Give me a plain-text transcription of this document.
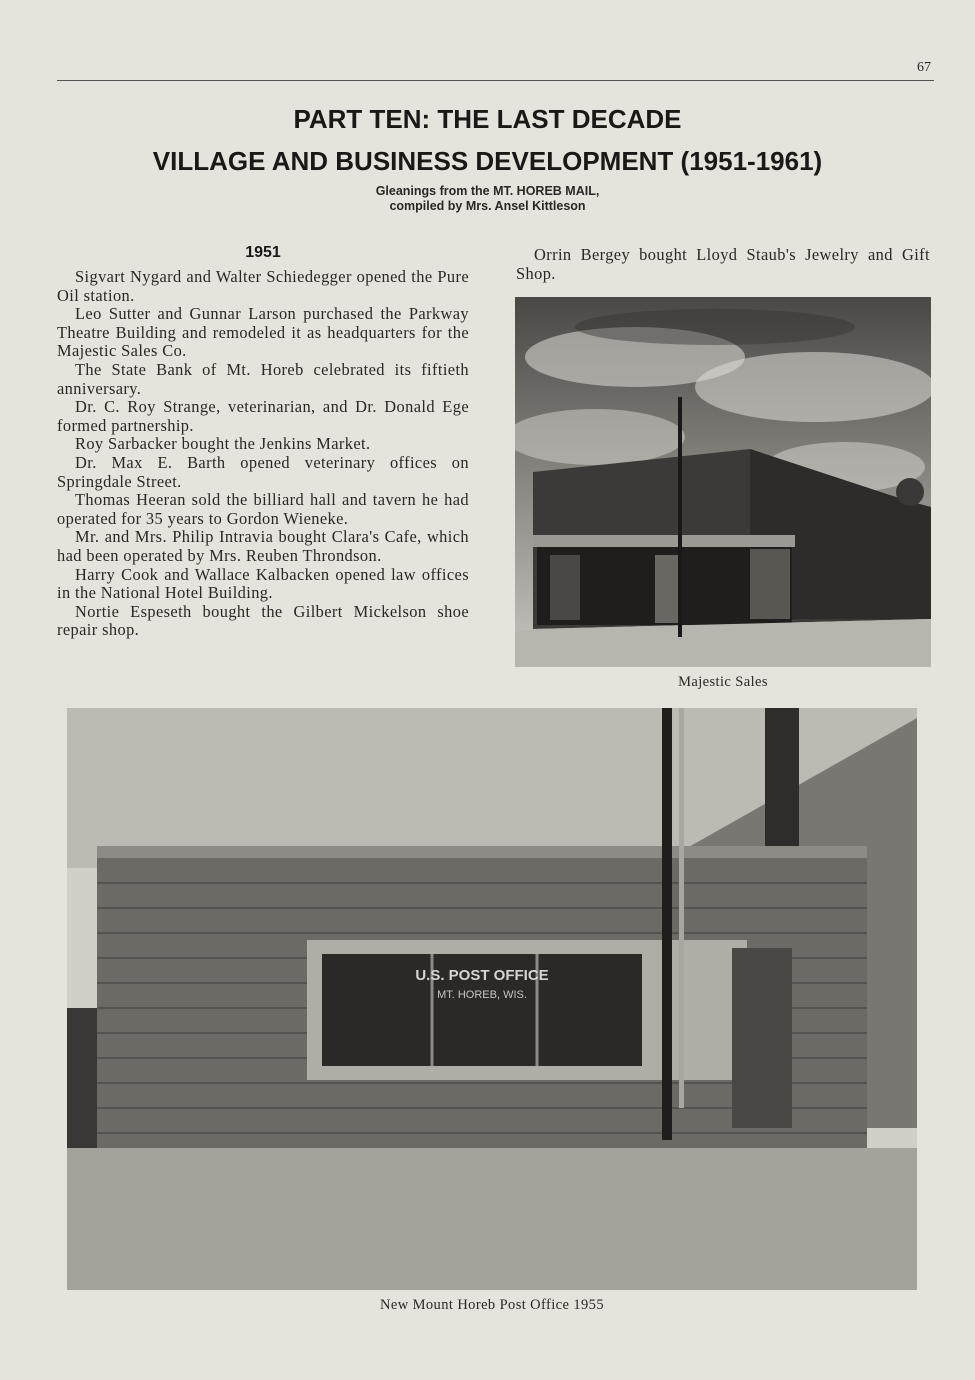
67
PART TEN: THE LAST DECADE
VILLAGE AND BUSINESS DEVELOPMENT (1951-1961)
Gleanings from the MT. HOREB MAIL,
compiled by Mrs. Ansel Kittleson
1951

Sigvart Nygard and Walter Schiedegger opened the Pure Oil station.

Leo Sutter and Gunnar Larson purchased the Parkway Theatre Building and remodeled it as headquarters for the Majestic Sales Co.

The State Bank of Mt. Horeb celebrated its fiftieth anniversary.

Dr. C. Roy Strange, veterinarian, and Dr. Donald Ege formed partnership.

Roy Sarbacker bought the Jenkins Market.

Dr. Max E. Barth opened veterinary offices on Springdale Street.

Thomas Heeran sold the billiard hall and tavern he had operated for 35 years to Gordon Wieneke.

Mr. and Mrs. Philip Intravia bought Clara's Cafe, which had been operated by Mrs. Reuben Throndson.

Harry Cook and Wallace Kalbacken opened law offices in the National Hotel Building.

Nortie Espeseth bought the Gilbert Mickelson shoe repair shop.

Orrin Bergey bought Lloyd Staub's Jewelry and Gift Shop.

Majestic Sales
U.S. POST OFFICE
MT. HOREB, WIS.
New Mount Horeb Post Office 1955
